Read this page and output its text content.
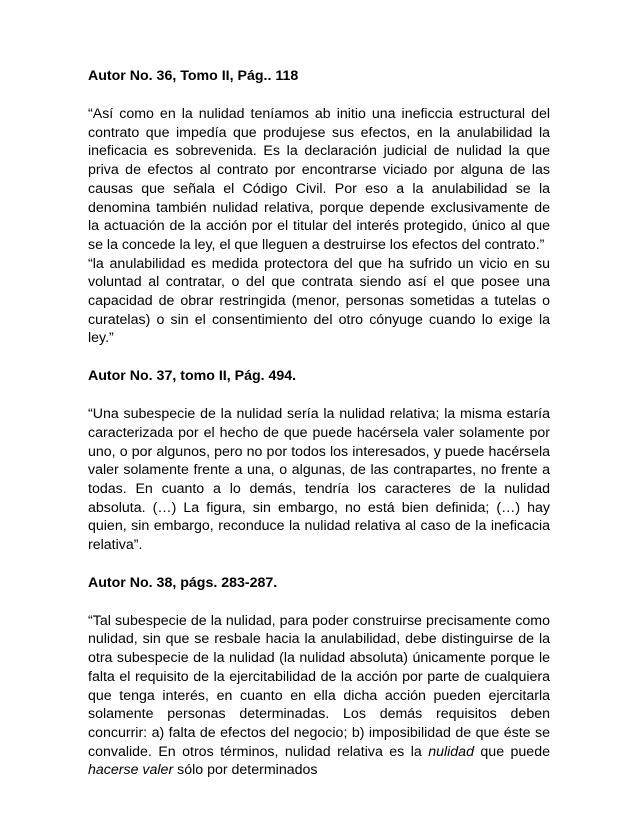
Autor No. 36, Tomo II, Pág.. 118

“Así como en la nulidad teníamos ab initio una ineficcia estructural del contrato que impedía que produjese sus efectos, en la anulabilidad la ineficacia es sobrevenida. Es la declaración judicial de nulidad la que priva de efectos al contrato por encontrarse viciado por alguna de las causas que señala el Código Civil. Por eso a la anulabilidad se la denomina también nulidad relativa, porque depende exclusivamente de la actuación de la acción por el titular del interés protegido, único al que se la concede la ley, el que lleguen a destruirse los efectos del contrato.”

“la anulabilidad es medida protectora del que ha sufrido un vicio en su voluntad al contratar, o del que contrata siendo así el que posee una capacidad de obrar restringida (menor, personas sometidas a tutelas o curatelas) o sin el consentimiento del otro cónyuge cuando lo exige la ley.”

Autor No. 37, tomo II, Pág. 494.

“Una subespecie de la nulidad sería la nulidad relativa; la misma estaría caracterizada por el hecho de que puede hacérsela valer solamente por uno, o por algunos, pero no por todos los interesados, y puede hacérsela valer solamente frente a una, o algunas, de las contrapartes, no frente a todas. En cuanto a lo demás, tendría los caracteres de la nulidad absoluta. (…) La figura, sin embargo, no está bien definida; (…) hay quien, sin embargo, reconduce la nulidad relativa al caso de la ineficacia relativa”.

Autor No. 38, págs. 283-287.

“Tal subespecie de la nulidad, para poder construirse precisamente como nulidad, sin que se resbale hacia la anulabilidad, debe distinguirse de la otra subespecie de la nulidad (la nulidad absoluta) únicamente porque le falta el requisito de la ejercitabilidad de la acción por parte de cualquiera que tenga interés, en cuanto en ella dicha acción pueden ejercitarla solamente personas determinadas. Los demás requisitos deben concurrir: a) falta de efectos del negocio; b) imposibilidad de que éste se convalide. En otros términos, nulidad relativa es la nulidad que puede hacerse valer sólo por determinados
